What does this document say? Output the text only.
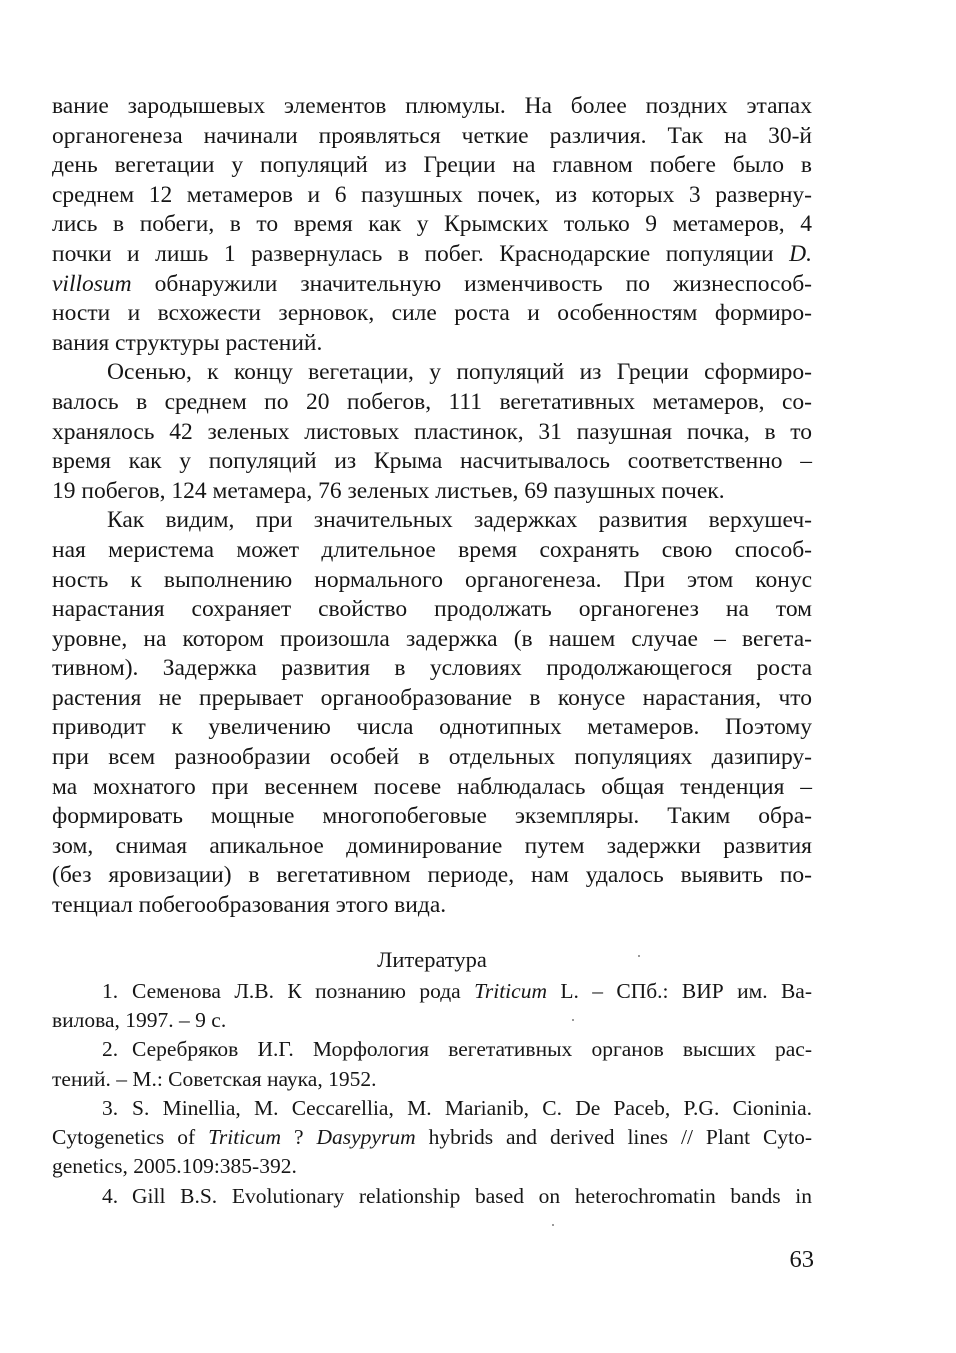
вание зародышевых элементов плюмулы. На более поздних этапах
органогенеза начинали проявляться четкие различия. Так на 30-й
день вегетации у популяций из Греции на главном побеге было в
среднем 12 метамеров и 6 пазушных почек, из которых 3 разверну-
лись в побеги, в то время как у Крымских только 9 метамеров, 4
почки и лишь 1 развернулась в побег. Краснодарские популяции D.
villosum обнаружили значительную изменчивость по жизнеспособ-
ности и всхожести зерновок, силе роста и особенностям формиро-
вания структуры растений.
Осенью, к концу вегетации, у популяций из Греции сформиро-
валось в среднем по 20 побегов, 111 вегетативных метамеров, со-
хранялось 42 зеленых листовых пластинок, 31 пазушная почка, в то
время как у популяций из Крыма насчитывалось соответственно –
19 побегов, 124 метамера, 76 зеленых листьев, 69 пазушных почек.
Как видим, при значительных задержках развития верхушеч-
ная меристема может длительное время сохранять свою способ-
ность к выполнению нормального органогенеза. При этом конус
нарастания сохраняет свойство продолжать органогенез на том
уровне, на котором произошла задержка (в нашем случае – вегета-
тивном). Задержка развития в условиях продолжающегося роста
растения не прерывает органообразование в конусе нарастания, что
приводит к увеличению числа однотипных метамеров. Поэтому
при всем разнообразии особей в отдельных популяциях дазипиру-
ма мохнатого при весеннем посеве наблюдалась общая тенденция –
формировать мощные многопобеговые экземпляры. Таким обра-
зом, снимая апикальное доминирование путем задержки развития
(без яровизации) в вегетативном периоде, нам удалось выявить по-
тенциал побегообразования этого вида.
Литература
1. Семенова Л.В. К познанию рода Triticum L. – СПб.: ВИР им. Ва-
вилова, 1997. – 9 с.
2. Серебряков И.Г. Морфология вегетативных органов высших рас-
тений. – М.: Советская наука, 1952.
3. S. Minellia, M. Ceccarellia, M. Marianib, C. De Paceb, P.G. Cioninia.
Cytogenetics of Triticum ? Dasypyrum hybrids and derived lines // Plant Cyto-
genetics, 2005.109:385-392.
4. Gill B.S. Evolutionary relationship based on heterochromatin bands in
63
